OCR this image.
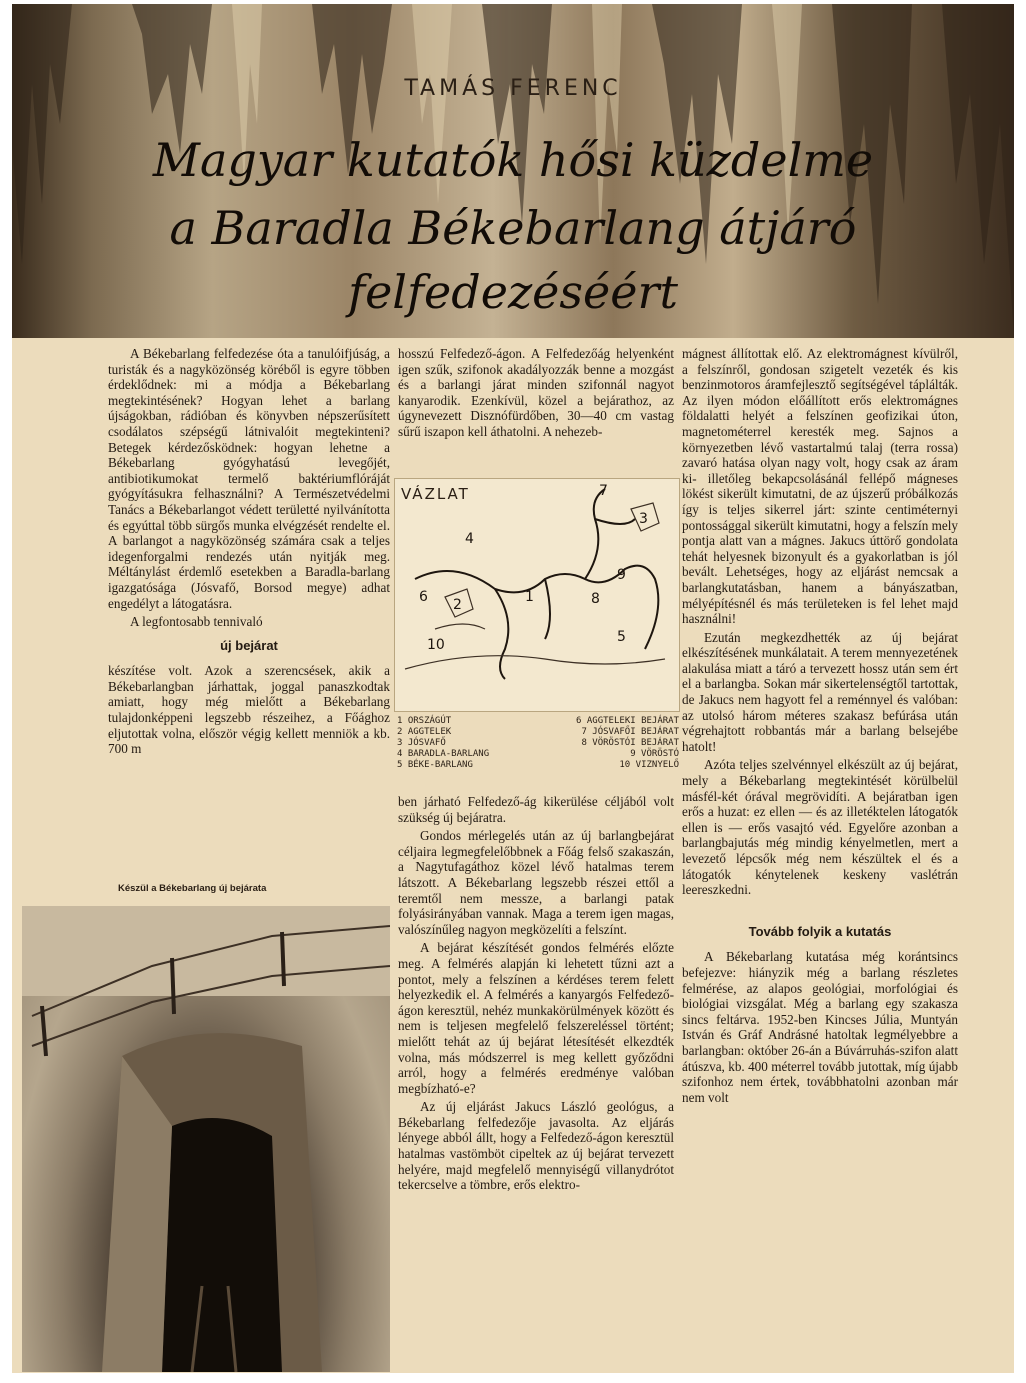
TAMÁS FERENC
Magyar kutatók hősi küzdelme
a Baradla Békebarlang átjáró
felfedezéséért

A Békebarlang felfedezése óta a tanulóifjúság, a turisták és a nagyközönség köréből is egyre többen érdeklődnek: mi a módja a Békebarlang megtekintésének? Hogyan lehet a barlang újságokban, rádióban és könyvben népszerűsített csodálatos szépségű látnivalóit megtekinteni? Betegek kérdezősködnek: hogyan lehetne a Békebarlang gyógyhatású levegőjét, antibiotikumokat termelő baktériumflóráját gyógyításukra felhasználni? A Természetvédelmi Tanács a Békebarlangot védett területté nyilvánította és egyúttal több sürgős munka elvégzését rendelte el. A barlangot a nagyközönség számára csak a teljes idegenforgalmi rendezés után nyitják meg. Méltánylást érdemlő esetekben a Baradla-barlang igazgatósága (Jósvafő, Borsod megye) adhat engedélyt a látogatásra.

A legfontosabb tennivaló

új bejárat

készítése volt. Azok a szerencsések, akik a Békebarlangban járhattak, joggal panaszkodtak amiatt, hogy még mielőtt a Békebarlang tulajdonképpeni legszebb részeihez, a Főághoz eljutottak volna, először végig kellett menniök a kb. 700 m

Készül a Békebarlang új bejárata

hosszú Felfedező-ágon. A Felfedezőág helyenként igen szűk, szifonok akadályozzák benne a mozgást és a barlangi járat minden szifonnál nagyot kanyarodik. Ezenkívül, közel a bejárathoz, az úgynevezett Disznófürdőben, 30—40 cm vastag sűrű iszapon kell áthatolni. A nehezeb-

VÁZLAT
1
2
3
4
5
6
7
8
9
10
1 ORSZÁGÚT	6 AGGTELEKI BEJÁRAT
2 AGGTELEK	7 JÓSVAFŐI BEJÁRAT
3 JÓSVAFŐ	8 VÖRÖSTÓI BEJÁRAT
4 BARADLA-BARLANG	9 VÖRÖSTÓ
5 BÉKE-BARLANG	10 VIZNYELŐ

ben járható Felfedező-ág kikerülése céljából volt szükség új bejáratra.

Gondos mérlegelés után az új barlangbejárat céljaira legmegfelelőbbnek a Főág felső szakaszán, a Nagytufagáthoz közel lévő hatalmas terem látszott. A Békebarlang legszebb részei ettől a teremtől nem messze, a barlangi patak folyásirányában vannak. Maga a terem igen magas, valószínűleg nagyon megközelíti a felszínt.

A bejárat készítését gondos felmérés előzte meg. A felmérés alapján ki lehetett tűzni azt a pontot, mely a felszínen a kérdéses terem felett helyezkedik el. A felmérés a kanyargós Felfedező-ágon keresztül, nehéz munkakörülmények között és nem is teljesen megfelelő felszereléssel történt; mielőtt tehát az új bejárat létesítését elkezdték volna, más módszerrel is meg kellett győződni arról, hogy a felmérés eredménye valóban megbízható-e?

Az új eljárást Jakucs László geológus, a Békebarlang felfedezője javasolta. Az eljárás lényege abból állt, hogy a Felfedező-ágon keresztül hatalmas vastömböt cipeltek az új bejárat tervezett helyére, majd megfelelő mennyiségű villanydrótot tekercselve a tömbre, erős elektro-

mágnest állítottak elő. Az elektromágnest kívülről, a felszínről, gondosan szigetelt vezeték és kis benzinmotoros áramfejlesztő segítségével táplálták. Az ilyen módon előállított erős elektromágnes földalatti helyét a felszínen geofizikai úton, magnetométerrel keresték meg. Sajnos a környezetben lévő vastartalmú talaj (terra rossa) zavaró hatása olyan nagy volt, hogy csak az áram ki- illetőleg bekapcsolásánál fellépő mágneses lökést sikerült kimutatni, de az újszerű próbálkozás így is teljes sikerrel járt: szinte centiméternyi pontossággal sikerült kimutatni, hogy a felszín mely pontja alatt van a mágnes. Jakucs úttörő gondolata tehát helyesnek bizonyult és a gyakorlatban is jól bevált. Lehetséges, hogy az eljárást nemcsak a barlangkutatásban, hanem a bányászatban, mélyépítésnél és más területeken is fel lehet majd használni!

Ezután megkezdhették az új bejárat elkészítésének munkálatait. A terem mennyezetének alakulása miatt a táró a tervezett hossz után sem ért el a barlangba. Sokan már sikertelenségtől tartottak, de Jakucs nem hagyott fel a reménnyel és valóban: az utolsó három méteres szakasz befúrása után végrehajtott robbantás már a barlang belsejébe hatolt!

Azóta teljes szelvénnyel elkészült az új bejárat, mely a Békebarlang megtekintését körülbelül másfél-két órával megrövidíti. A bejáratban igen erős a huzat: ez ellen — és az illetéktelen látogatók ellen is — erős vasajtó véd. Egyelőre azonban a barlangbajutás még mindig kényelmetlen, mert a levezető lépcsők még nem készültek el és a látogatók kénytelenek keskeny vaslétrán leereszkedni.

Tovább folyik a kutatás

A Békebarlang kutatása még korántsincs befejezve: hiányzik még a barlang részletes felmérése, az alapos geológiai, morfológiai és biológiai vizsgálat. Még a barlang egy szakasza sincs feltárva. 1952-ben Kincses Júlia, Muntyán István és Gráf Andrásné hatoltak legmélyebbre a barlangban: október 26-án a Búvárruhás-szifon alatt átúszva, kb. 400 méterrel tovább jutottak, míg újabb szifonhoz nem értek, továbbhatolni azonban már nem volt
